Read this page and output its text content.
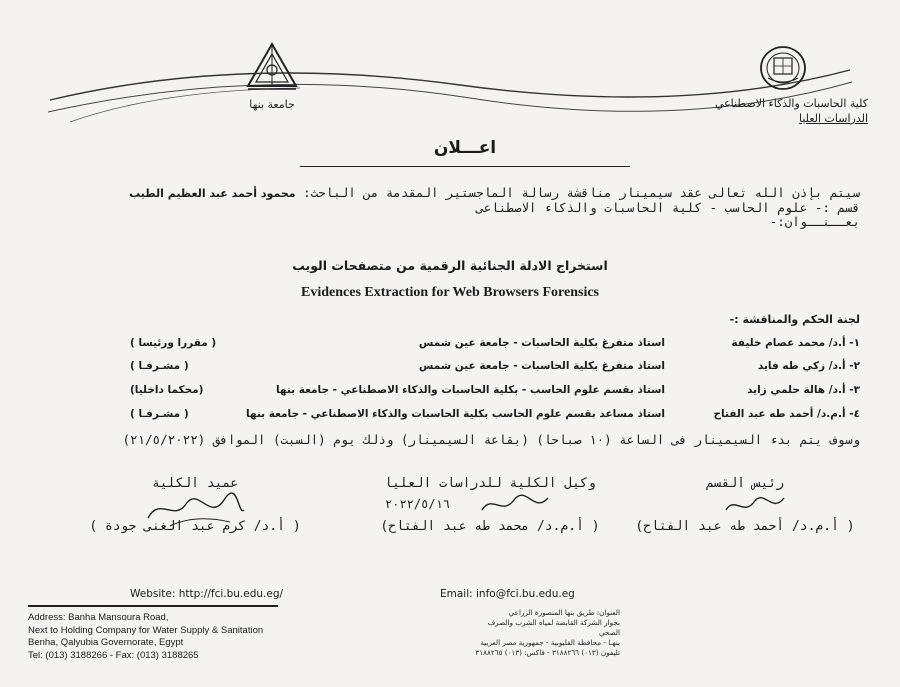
جامعة بنها	كلية الحاسبات والذكاء الاصطناعي
الدراسات العليا
اعـــلان
سيتم بإذن الله تعالى عقد سيمينار مناقشة رسالة الماجستير المقدمة من الباحث: محمود أحمد عبد العظيم الطيب
قسم :- علوم الحاسب - كلية الحاسبات والذكاء الاصطناعى
بعــنــوان:-
استخراج الادلة الجنائية الرقمية من متصفحات الويب
Evidences Extraction for Web Browsers Forensics
لجنة الحكم والمناقشة :-
١- أ.د/ محمد عصام خليفة
استاذ متفرغ بكلية الحاسبات - جامعة عين شمس
( مقررا ورئيسا )
٢- أ.د/ زكي طه فايد
استاذ متفرغ بكلية الحاسبات - جامعة عين شمس
( مشـرفـا )
٣- أ.د/ هالة حلمي زايد
استاذ بقسم علوم الحاسب - بكلية الحاسبات والذكاء الاصطناعي - جامعة بنها
(محكما داخليا)
٤- أ.م.د/ أحمد طه عبد الفتاح
استاذ مساعد بقسم علوم الحاسب بكلية الحاسبات والذكاء الاصطناعي - جامعة بنها
( مشـرفـا )
وسوف يتم بدء السيمينار فى الساعة (١٠ صباحا) (بقاعة السيمينار) وذلك يوم (السبت) الموافق (٢١/٥/٢٠٢٢)
عميد الكلية
( أ.د/ كرم عبد الغنى جودة )
وكيل الكلية للدراسات العليا
( أ.م.د/ محمد طه عبد الفتاح)
٢٠٢٢/٥/١٦
رئيس القسم
( أ.م.د/ أحمد طه عبد الفتاح)
Website: http://fci.bu.edu.eg/	Email: info@fci.bu.edu.eg
Address: Banha Mansoura Road,
Next to Holding Company for Water Supply & Sanitation
Benha, Qalyubia Governorate, Egypt
Tel: (013) 3188266 - Fax: (013) 3188265
العنوان: طريق بنها المنصورة الزراعي
بجوار الشركة القابضة لمياه الشرب والصرف الصحي
بنهـا - محافظة القليوبية - جمهورية مصر العربية
تليفون (٠١٣) ٣١٨٨٢٦٦ - فاكس: (٠١٣) ٣١٨٨٢٦٥
